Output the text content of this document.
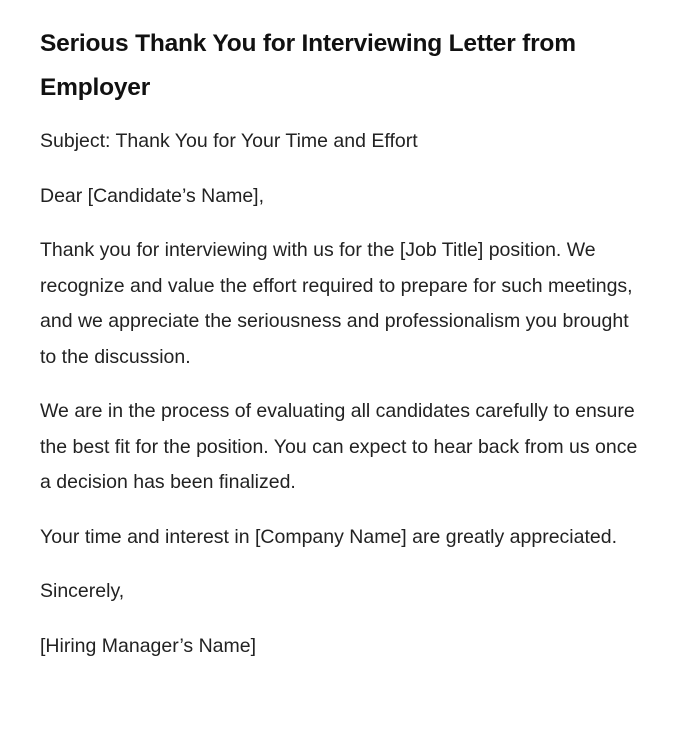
Serious Thank You for Interviewing Letter from Employer

Subject: Thank You for Your Time and Effort

Dear [Candidate’s Name],

Thank you for interviewing with us for the [Job Title] position. We recognize and value the effort required to prepare for such meetings, and we appreciate the seriousness and professionalism you brought to the discussion.

We are in the process of evaluating all candidates carefully to ensure the best fit for the position. You can expect to hear back from us once a decision has been finalized.

Your time and interest in [Company Name] are greatly appreciated.

Sincerely,

[Hiring Manager’s Name]
